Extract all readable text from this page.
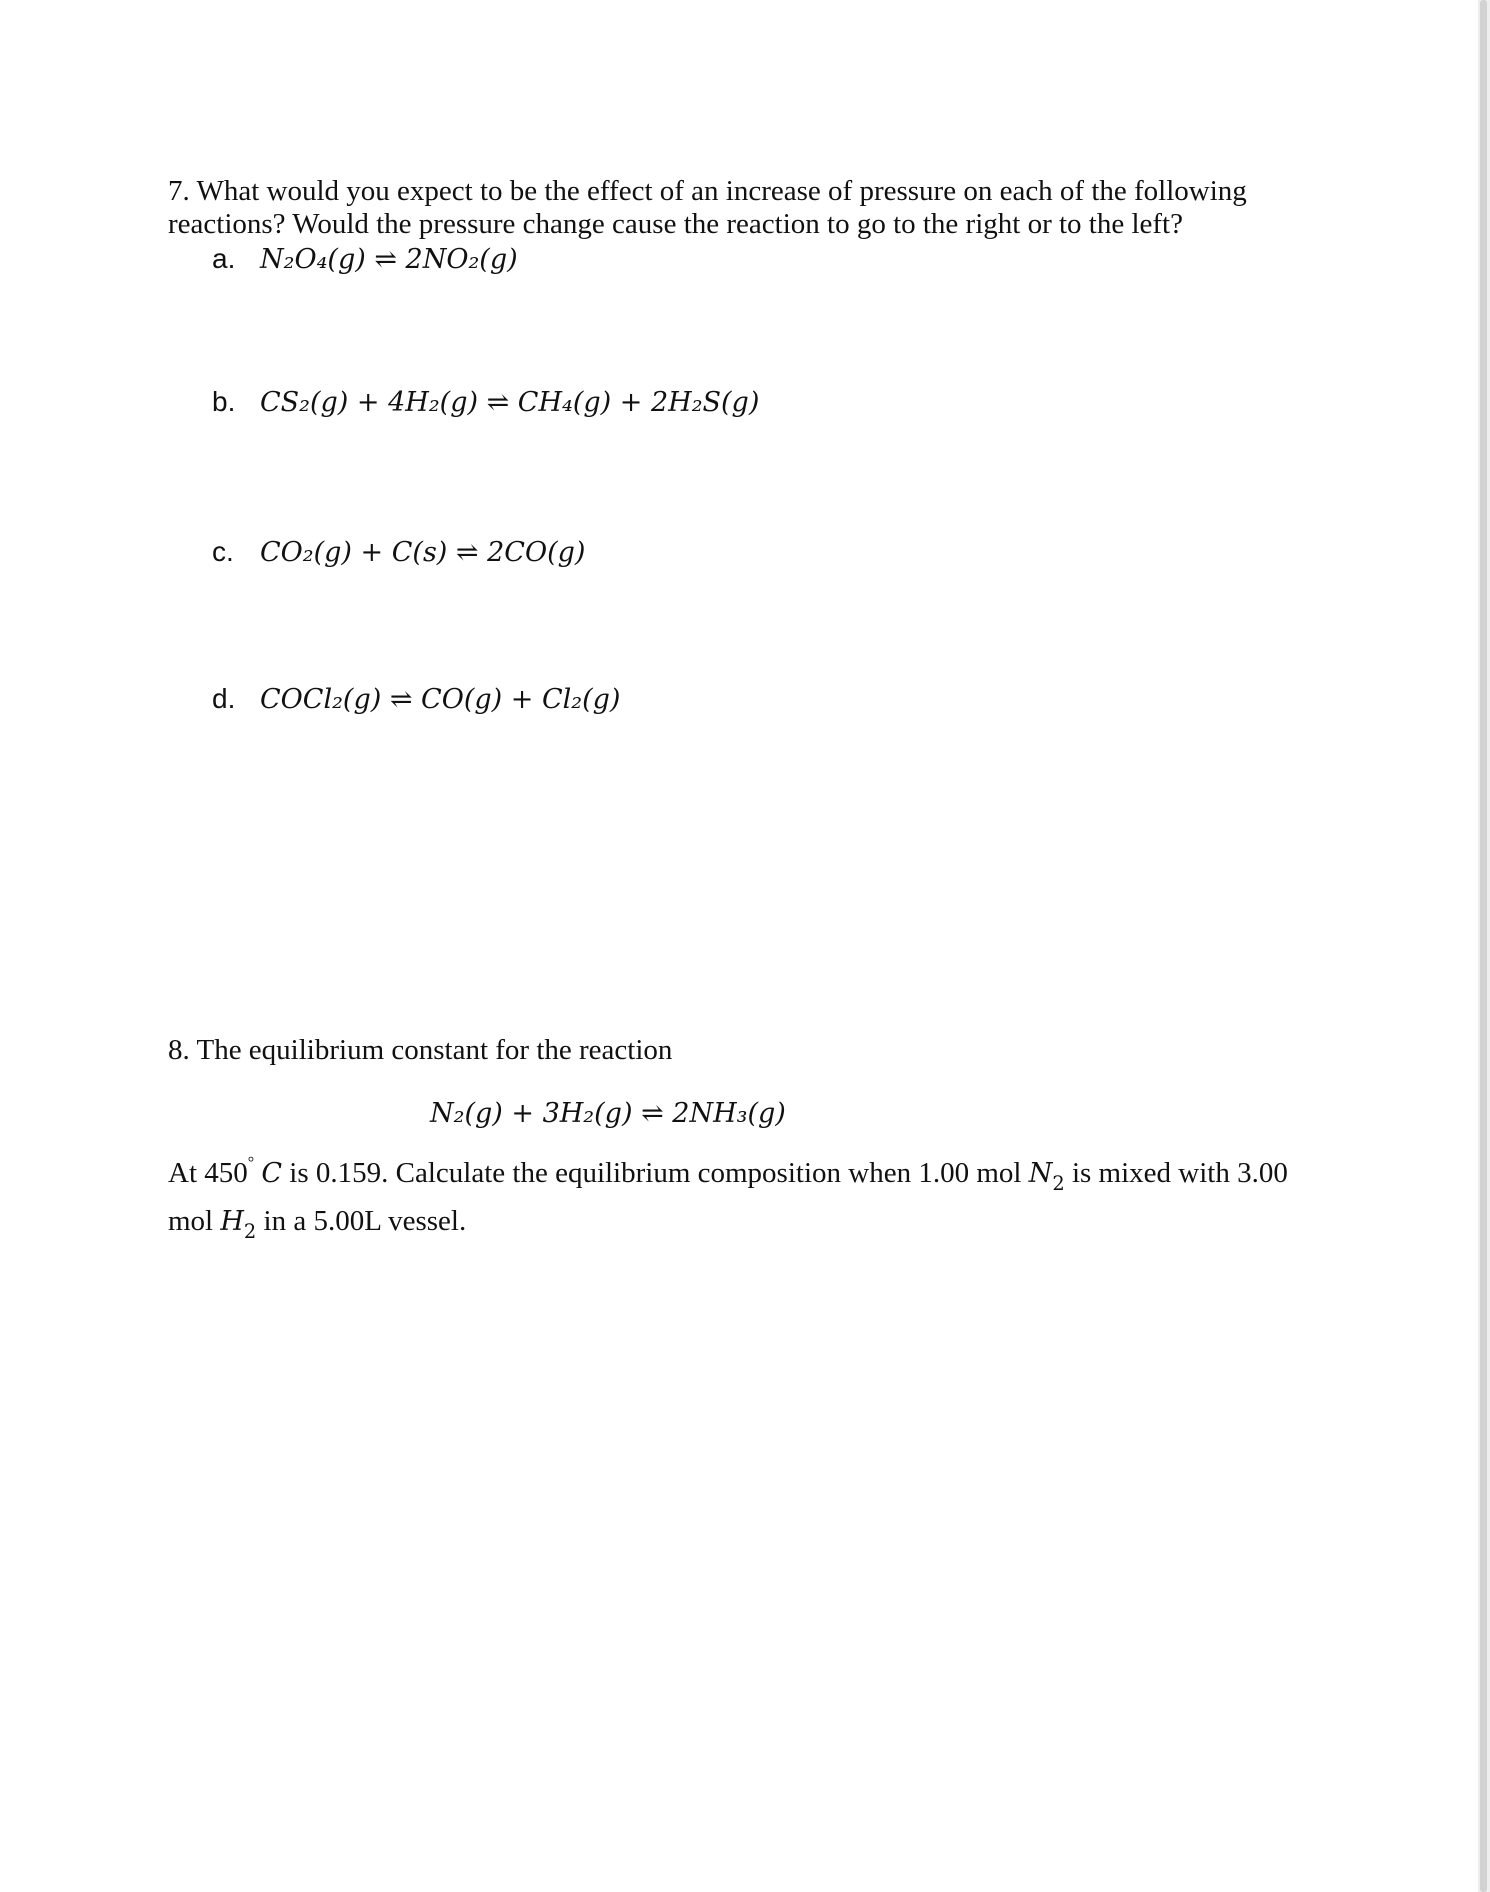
7. What would you expect to be the effect of an increase of pressure on each of the following reactions? Would the pressure change cause the reaction to go to the right or to the left?

a. N₂O₄(g) ⇌ 2NO₂(g)
b. CS₂(g) + 4H₂(g) ⇌ CH₄(g) + 2H₂S(g)
c. CO₂(g) + C(s) ⇌ 2CO(g)
d. COCl₂(g) ⇌ CO(g) + Cl₂(g)

8. The equilibrium constant for the reaction

N₂(g) + 3H₂(g) ⇌ 2NH₃(g)
At 450° C is 0.159. Calculate the equilibrium composition when 1.00 mol $N_2$ is mixed with 3.00
mol $H_2$ in a 5.00L vessel.
